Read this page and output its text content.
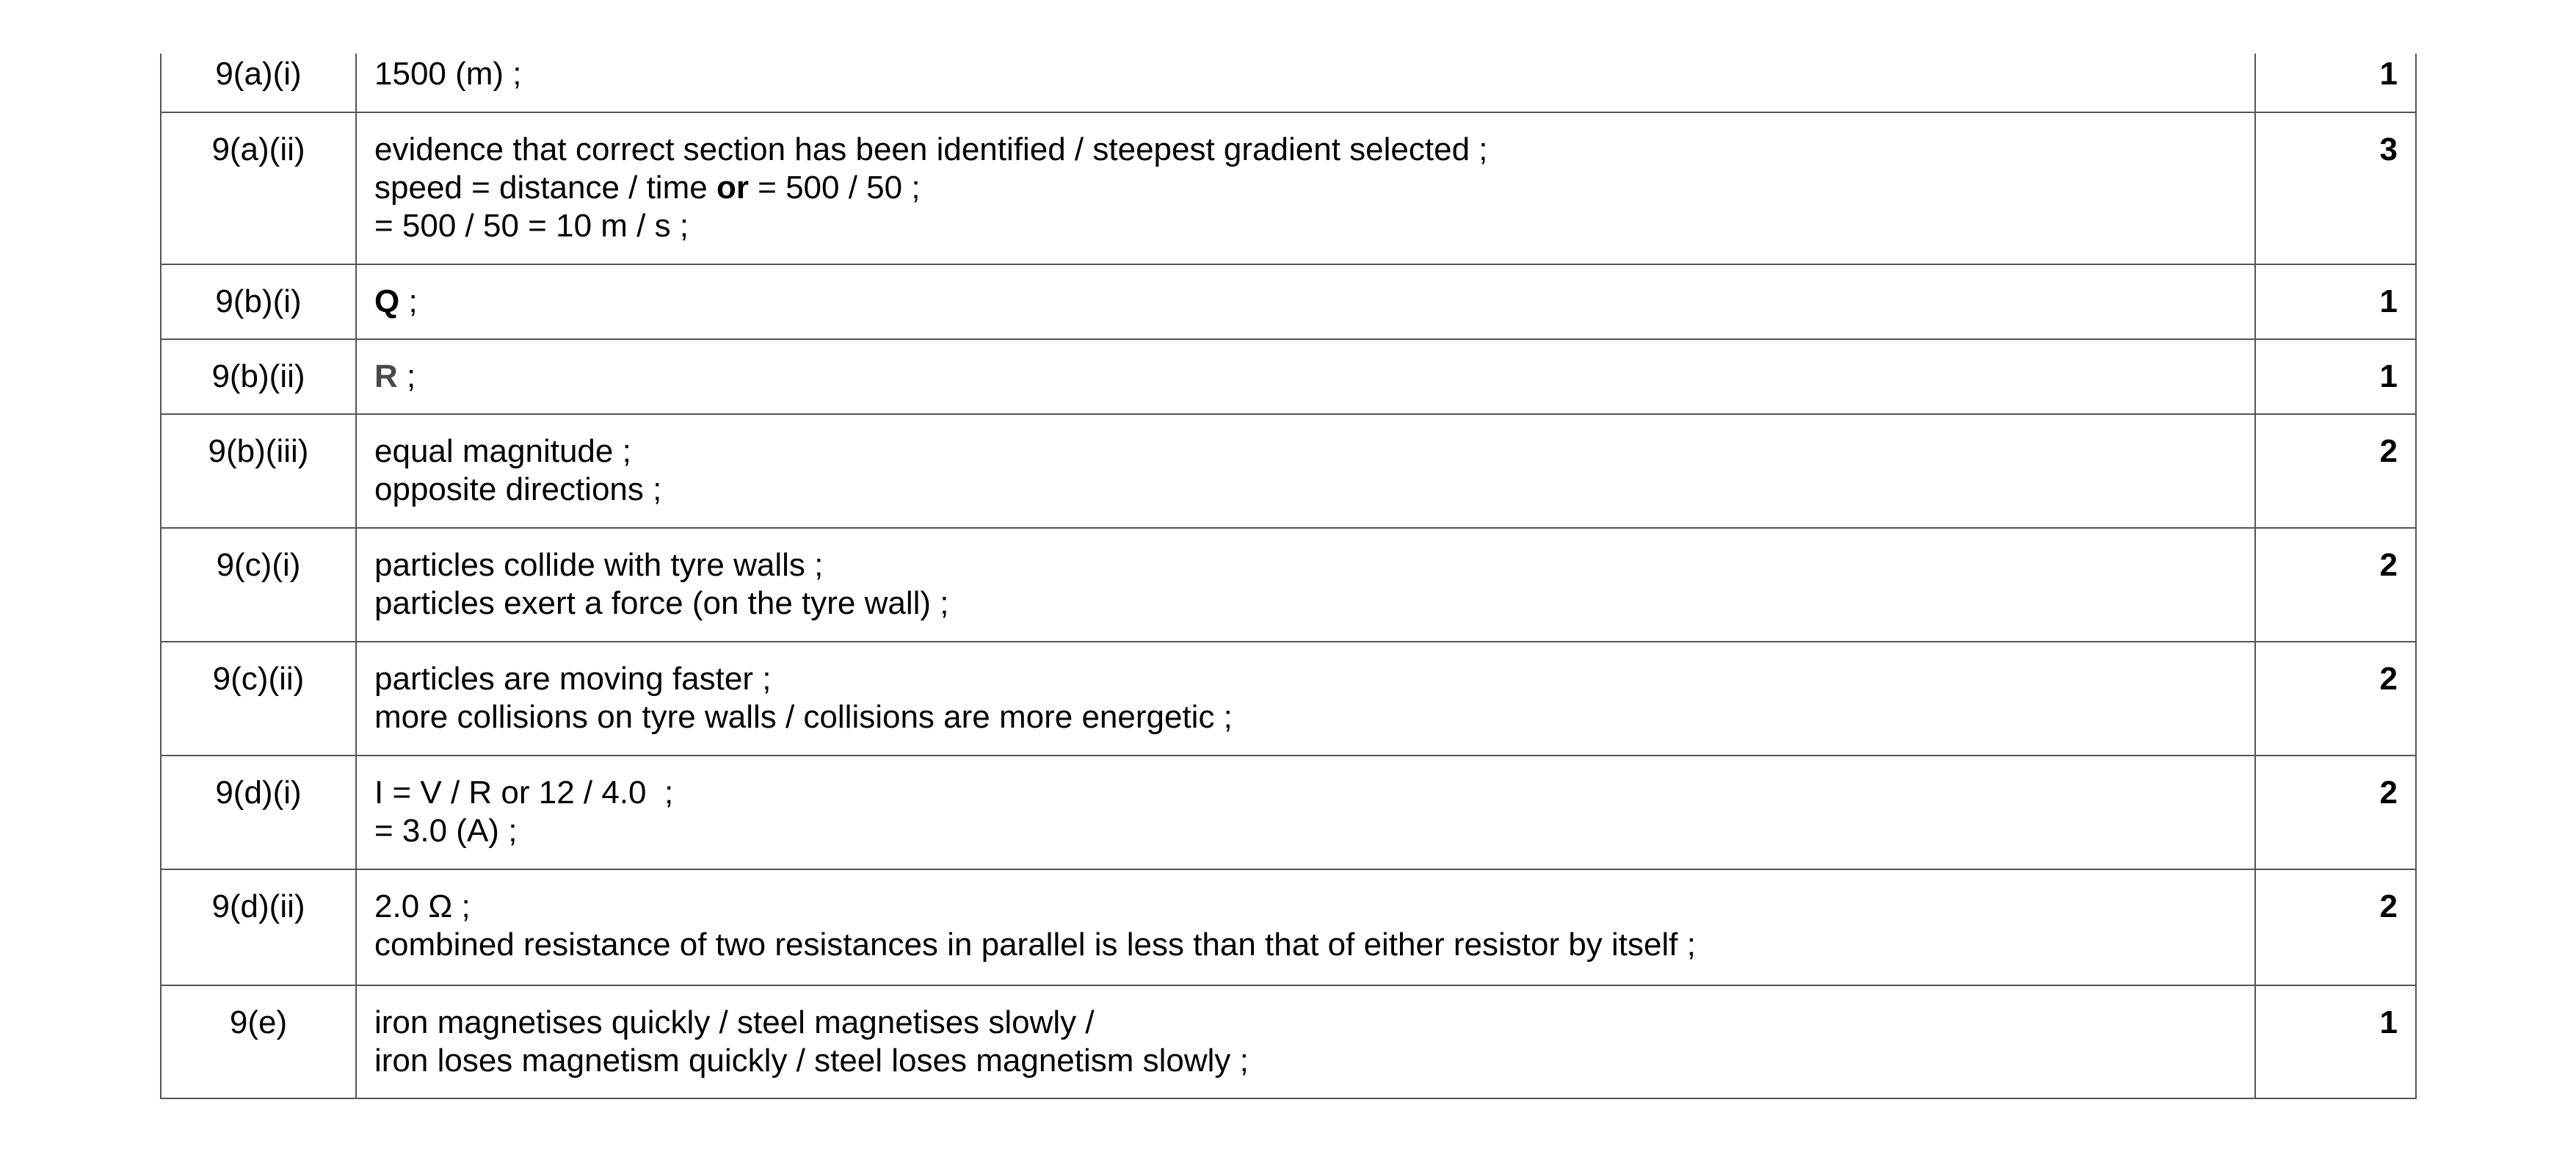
9(a)(i)	1500 (m) ;	1
9(a)(ii)	evidence that correct section has been identified / steepest gradient selected ;
speed = distance / time or = 500 / 50 ;
= 500 / 50 = 10 m / s ;	3
9(b)(i)	Q ;	1
9(b)(ii)	R ;	1
9(b)(iii)	equal magnitude ;
opposite directions ;	2
9(c)(i)	particles collide with tyre walls ;
particles exert a force (on the tyre wall) ;	2
9(c)(ii)	particles are moving faster ;
more collisions on tyre walls / collisions are more energetic ;	2
9(d)(i)	I = V / R or 12 / 4.0  ;
= 3.0 (A) ;	2
9(d)(ii)	2.0 Ω ;
combined resistance of two resistances in parallel is less than that of either resistor by itself ;	2
9(e)	iron magnetises quickly / steel magnetises slowly /
iron loses magnetism quickly / steel loses magnetism slowly ;	1
